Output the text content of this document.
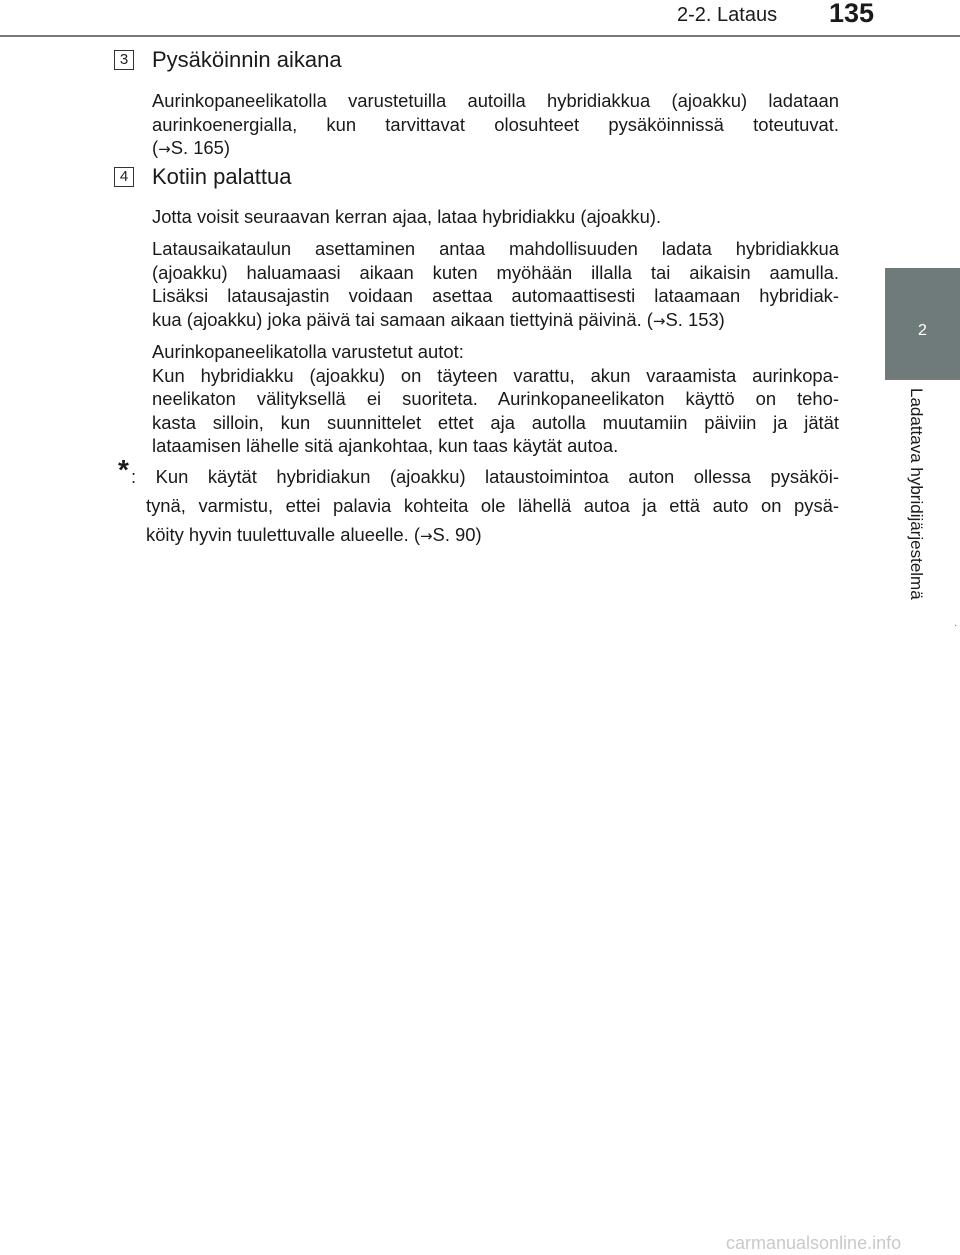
2-2. Lataus 135
2
Ladattava hybridijärjestelmä
·
3 Pysäköinnin aikana
Aurinkopaneelikatolla varustetuilla autoilla hybridiakkua (ajoakku) ladataan
aurinkoenergialla, kun tarvittavat olosuhteet pysäköinnissä toteutuvat.
(→S. 165)
4 Kotiin palattua
Jotta voisit seuraavan kerran ajaa, lataa hybridiakku (ajoakku).
Latausaikataulun asettaminen antaa mahdollisuuden ladata hybridiakkua
(ajoakku) haluamaasi aikaan kuten myöhään illalla tai aikaisin aamulla.
Lisäksi latausajastin voidaan asettaa automaattisesti lataamaan hybridiak-
kua (ajoakku) joka päivä tai samaan aikaan tiettyinä päivinä. (→S. 153)
Aurinkopaneelikatolla varustetut autot:
Kun hybridiakku (ajoakku) on täyteen varattu, akun varaamista aurinkopa-
neelikaton välityksellä ei suoriteta. Aurinkopaneelikaton käyttö on teho-
kasta silloin, kun suunnittelet ettet aja autolla muutamiin päiviin ja jätät
lataamisen lähelle sitä ajankohtaa, kun taas käytät autoa.
* : Kun käytät hybridiakun (ajoakku) lataustoimintoa auton ollessa pysäköi-
tynä, varmistu, ettei palavia kohteita ole lähellä autoa ja että auto on pysä-
köity hyvin tuulettuvalle alueelle. (→S. 90)
carmanualsonline.info
